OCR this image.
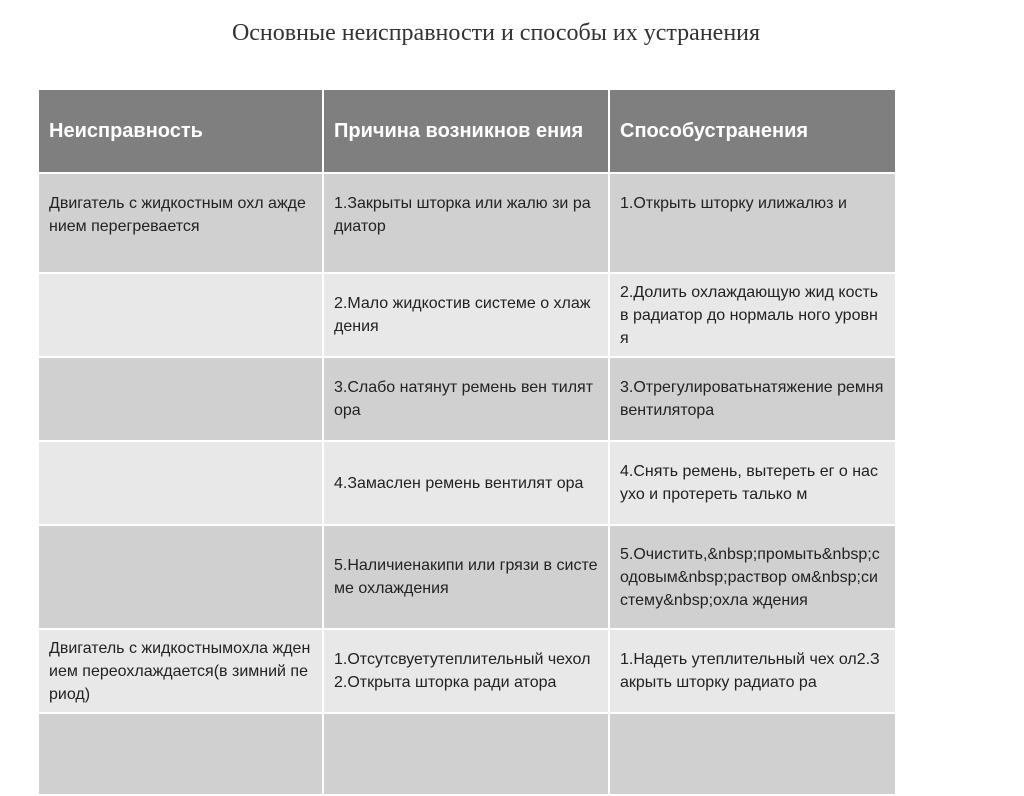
Основные неисправности и способы их устранения
Неисправность	Причина возникнов ения	Способустранения
Двигатель с жидкостным охл аждением перегревается	1.Закрыты шторка или жалю зи радиатор	1.Открыть шторку илижалюз и
	2.Мало жидкостив системе о хлаждения	2.Долить охлаждающую жид кость в радиатор до нормаль ного уровня
	3.Слабо натянут ремень вен тилятора	3.Отрегулироватьнатяжение ремня вентилятора
	4.Замаслен ремень вентилят ора	4.Снять ремень, вытереть ег о насухо и протереть талько м
	5.Наличиенакипи или грязи в системе охлаждения	5.Очистить,&nbsp;промыть&nbsp;содовым&nbsp;раствор ом&nbsp;систему&nbsp;охла ждения
Двигатель с жидкостнымохла ждением переохлаждается(в зимний период)	1.Отсутсвуетутеплительный чехол2.Открыта шторка ради атора	1.Надеть утеплительный чех ол2.Закрыть шторку радиато ра
